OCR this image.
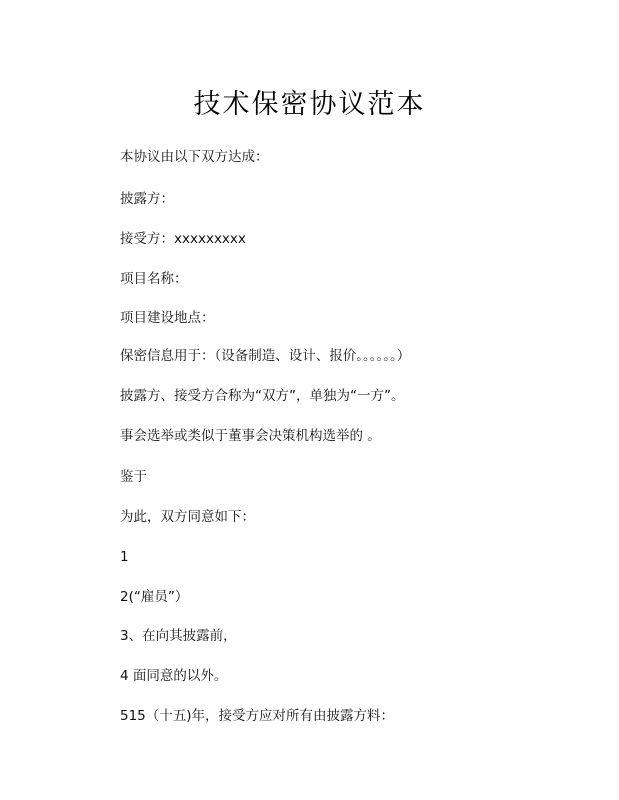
技术保密协议范本
本协议由以下双方达成：
披露方：
接受方：xxxxxxxxx
项目名称：
项目建设地点：
保密信息用于：（设备制造、设计、报价。。。。。。）
披露方、接受方合称为“双方”，单独为“一方”。
事会选举或类似于董事会决策机构选举的 。
鉴于
为此，双方同意如下：
1
2(“雇员”）
3、在向其披露前，
4 面同意的以外。
515（十五)年，接受方应对所有由披露方料：
